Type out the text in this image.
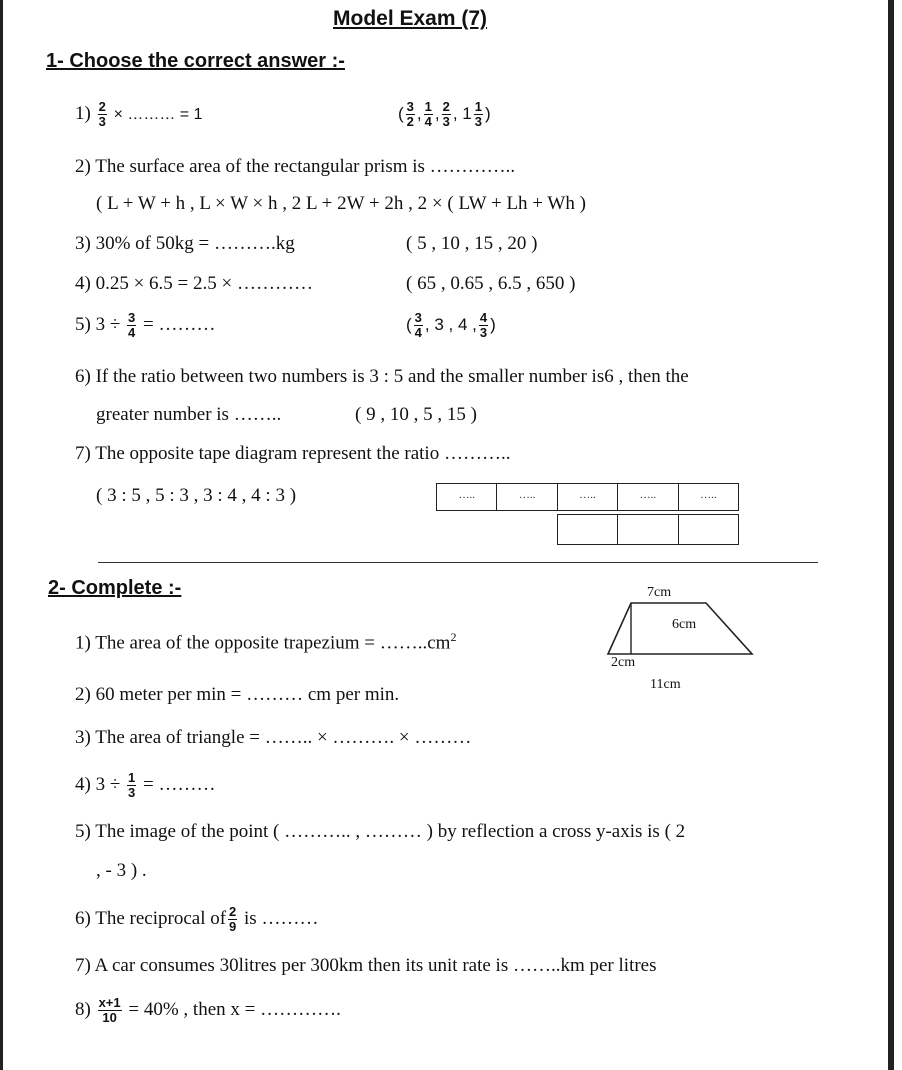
Model Exam (7)
1- Choose the correct answer :-
$1) \frac{2}{3}$ × ……… = 1	( $\frac{3}{2}$ , $\frac{1}{4}$ , $\frac{2}{3}$ , $1 \frac{1}{3}$ )
2) The surface area of the rectangular prism is …………..
( L + W + h , L × W × h , 2 L + 2W + 2h , 2 × ( LW + Lh + Wh )
3) 30% of 50kg = ……….kg	( 5 , 10 , 15 , 20 )
4) 0.25 × 6.5 = 2.5 × …………	( 65 , 0.65 , 6.5 , 650 )
5) $3 \div \frac{3}{4}$ = ………	( $\frac{3}{4}$ , 3 , 4 , $\frac{4}{3}$ )
6) If the ratio between two numbers is 3 : 5 and the smaller number is6 , then the
greater number is ……..	( 9 , 10 , 5 , 15 )
7) The opposite tape diagram represent the ratio ………..
( 3 : 5 , 5 : 3 , 3 : 4 , 4 : 3 )	…..	…..	…..	…..	…..
2- Complete :-	7cm
6cm
2cm
11cm
1) The area of the opposite trapezium = $\dots\dots..cm^2$
2) 60 meter per min = ……… cm per min.
3) The area of triangle = …….. × ………. × ………
4) $3 \div \frac{1}{3}$ = ………
5) The image of the point ( ……….. , ……… ) by reflection a cross y-axis is ( 2
, - 3 ) .
6) The reciprocal of $\frac{2}{9}$ is ………
7) A car consumes 30litres per 300km then its unit rate is ……..km per litres
$8) \frac{x+1}{10} = 40\%$ , then x = ………….
